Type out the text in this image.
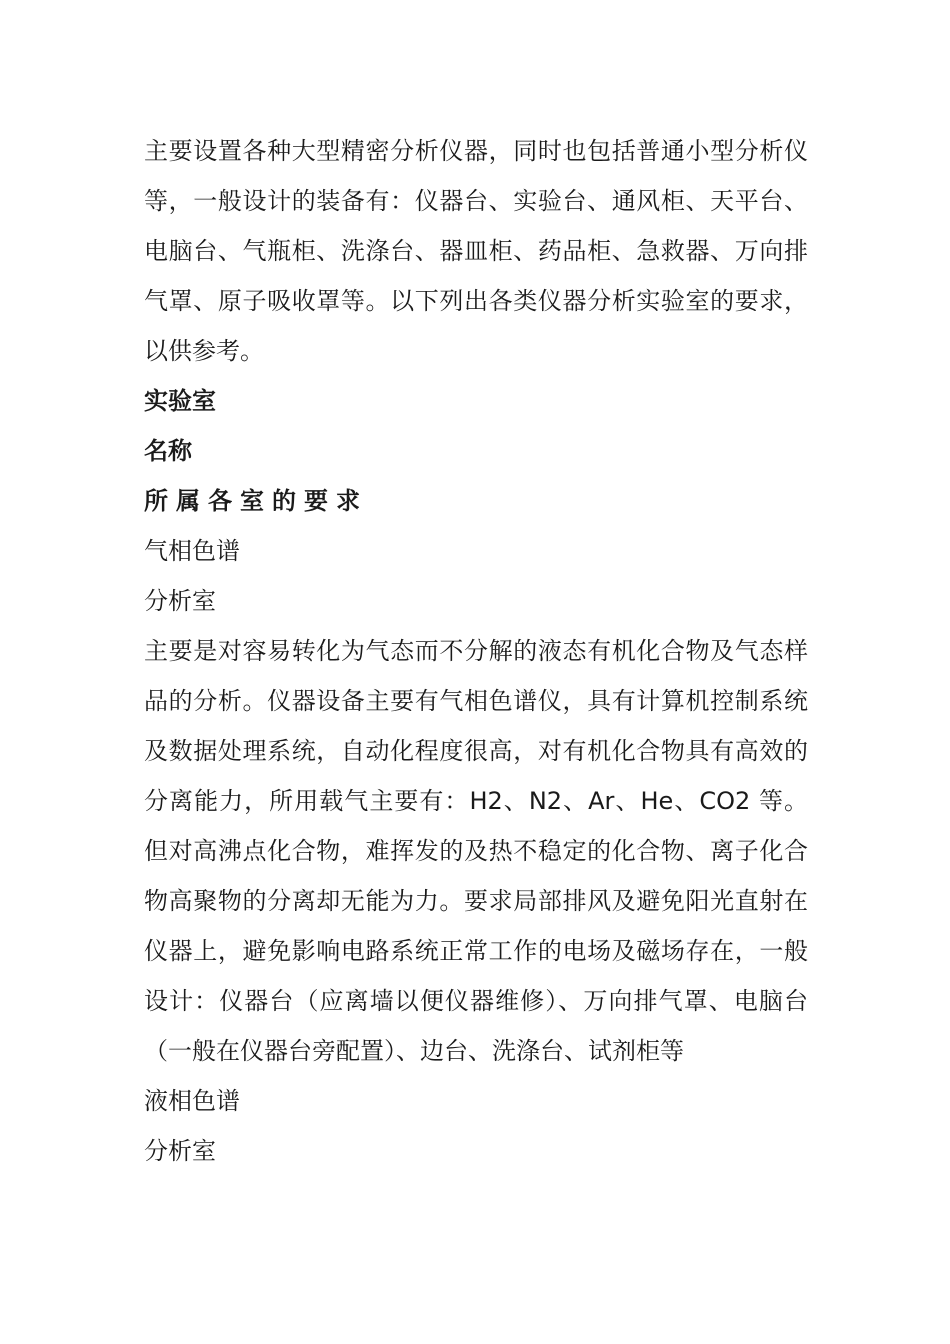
主要设置各种大型精密分析仪器，同时也包括普通小型分析仪等，一般设计的装备有：仪器台、实验台、通风柜、天平台、电脑台、气瓶柜、洗涤台、器皿柜、药品柜、急救器、万向排气罩、原子吸收罩等。以下列出各类仪器分析实验室的要求，以供参考。

实验室

名称

所属各室的要求

气相色谱

分析室

主要是对容易转化为气态而不分解的液态有机化合物及气态样品的分析。仪器设备主要有气相色谱仪，具有计算机控制系统及数据处理系统，自动化程度很高，对有机化合物具有高效的分离能力，所用载气主要有：H2、N2、Ar、He、CO2 等。但对高沸点化合物，难挥发的及热不稳定的化合物、离子化合物高聚物的分离却无能为力。要求局部排风及避免阳光直射在仪器上，避免影响电路系统正常工作的电场及磁场存在，一般设计：仪器台（应离墙以便仪器维修）、万向排气罩、电脑台（一般在仪器台旁配置）、边台、洗涤台、试剂柜等

液相色谱

分析室
